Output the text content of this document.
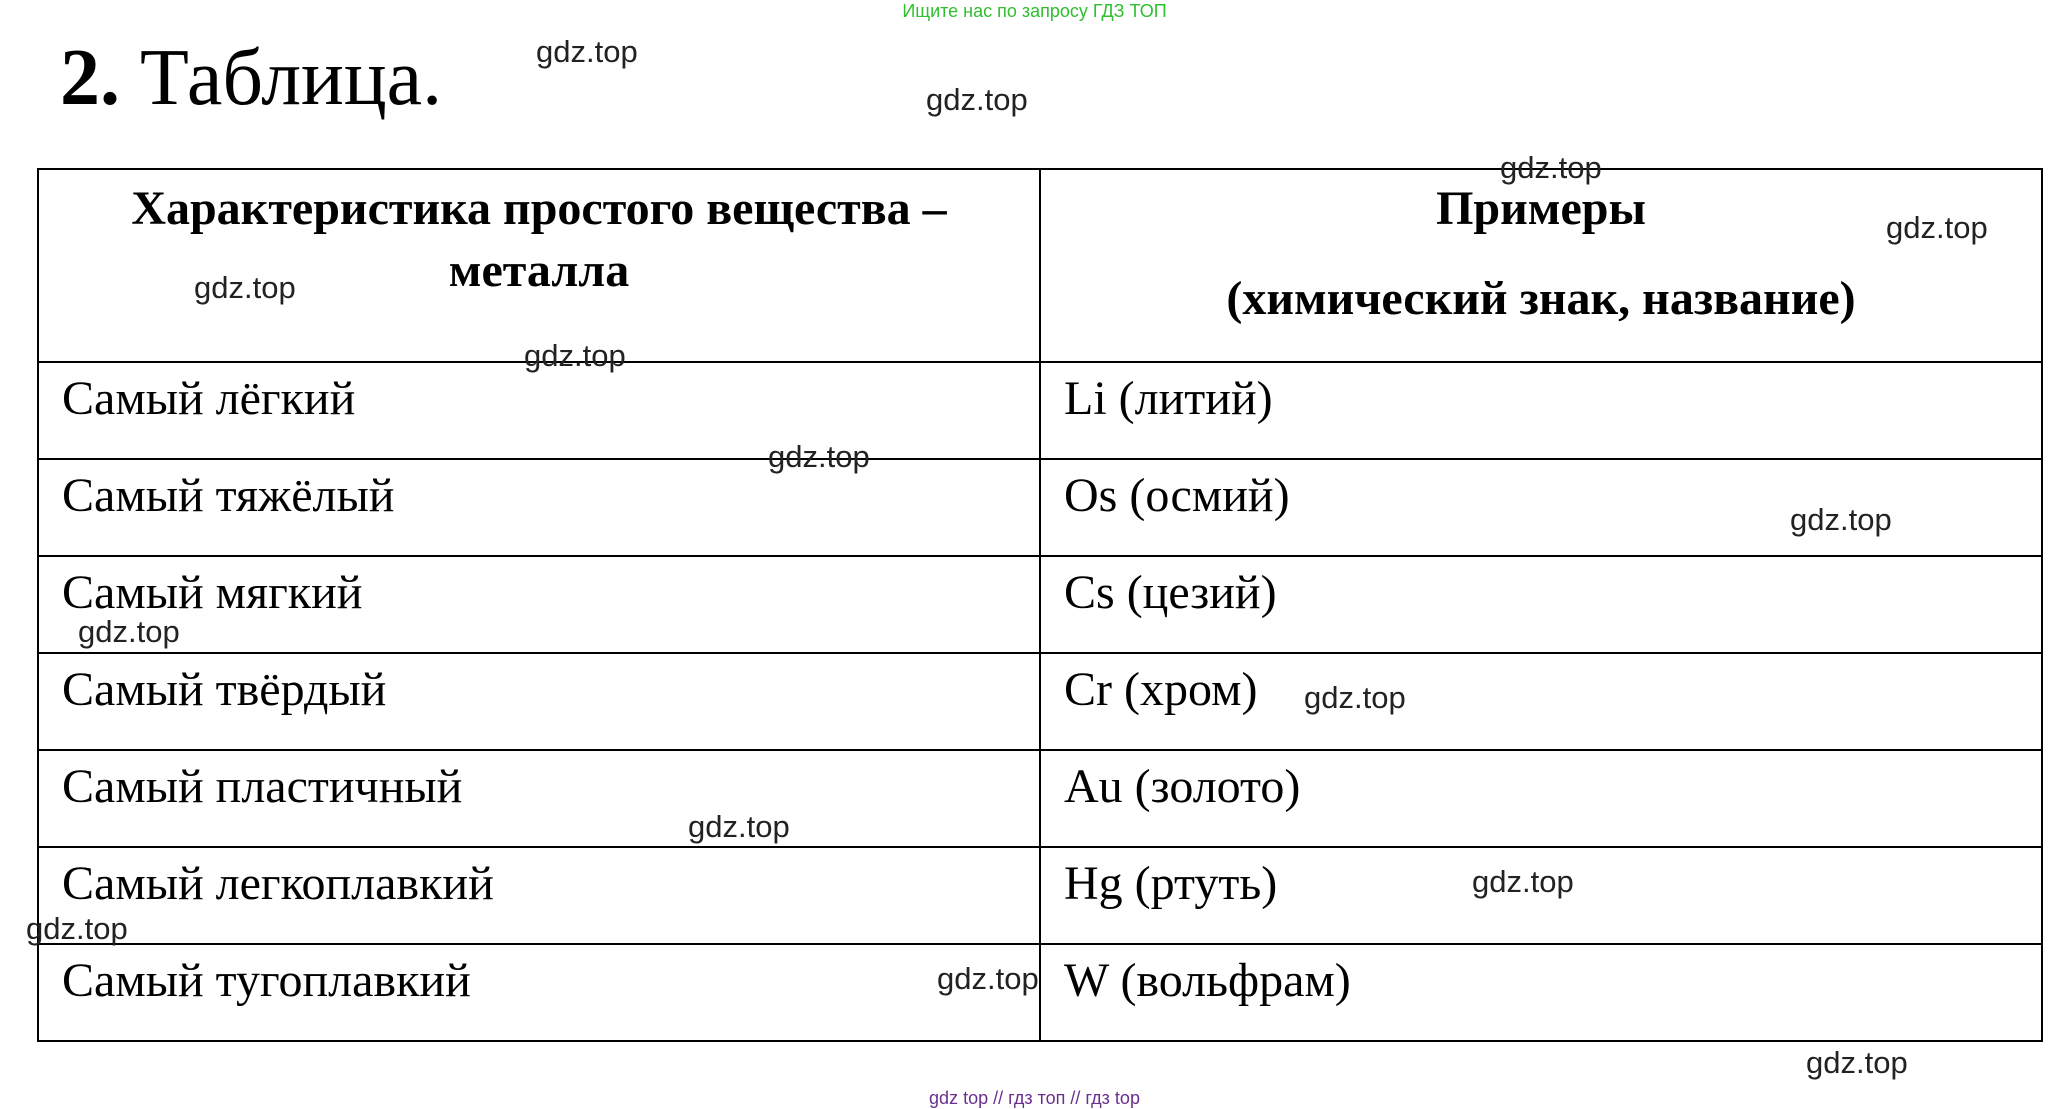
Ищите нас по запросу ГДЗ ТОП
2. Таблица.
Характеристика простого вещества – металла	Примеры
(химический знак, название)

Самый лёгкий	Li (литий)
Самый тяжёлый	Os (осмий)
Самый мягкий	Cs (цезий)
Самый твёрдый	Cr (хром)
Самый пластичный	Au (золото)
Самый легкоплавкий	Hg (ртуть)
Самый тугоплавкий	W (вольфрам)
gdz.top
gdz.top
gdz.top
gdz.top
gdz.top
gdz.top
gdz.top
gdz.top
gdz.top
gdz.top
gdz.top
gdz.top
gdz.top
gdz.top
gdz.top
gdz top // гдз топ // гдз top
